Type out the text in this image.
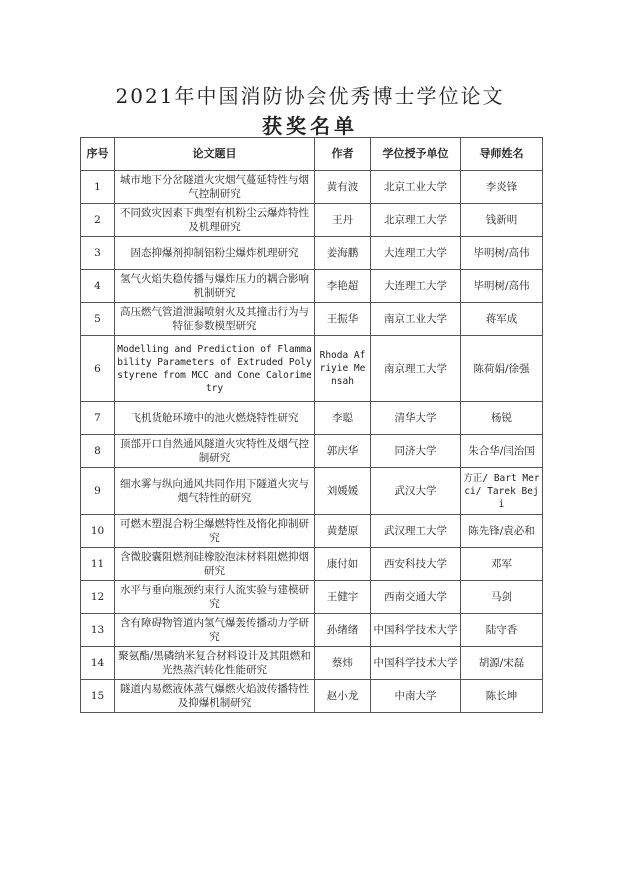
2021年中国消防协会优秀博士学位论文
获奖名单
序号	论文题目	作者	学位授予单位	导师姓名
1	城市地下分岔隧道火灾烟气蔓延特性与烟气控制研究	黄有波	北京工业大学	李炎锋
2	不同致灾因素下典型有机粉尘云爆炸特性及机理研究	王丹	北京理工大学	钱新明
3	固态抑爆剂抑制铝粉尘爆炸机理研究	姜海鹏	大连理工大学	毕明树/高伟
4	氢气火焰失稳传播与爆炸压力的耦合影响机制研究	李艳超	大连理工大学	毕明树/高伟
5	高压燃气管道泄漏喷射火及其撞击行为与特征参数模型研究	王振华	南京工业大学	蒋军成
6	Modelling and Prediction of Flammability Parameters of Extruded Polystyrene from MCC and Cone Calorimetry	Rhoda Afriyie Mensah	南京理工大学	陈荷娟/徐强
7	飞机货舱环境中的池火燃烧特性研究	李聪	清华大学	杨锐
8	顶部开口自然通风隧道火灾特性及烟气控制研究	郭庆华	同济大学	朱合华/闫治国
9	细水雾与纵向通风共同作用下隧道火灾与烟气特性的研究	刘媛媛	武汉大学	方正/ Bart Merci/ Tarek Beji
10	可燃木塑混合粉尘爆燃特性及惰化抑制研究	黄楚原	武汉理工大学	陈先锋/袁必和
11	含微胶囊阻燃剂硅橡胶泡沫材料阻燃抑烟研究	康付如	西安科技大学	邓军
12	水平与垂向瓶颈约束行人流实验与建模研究	王健宇	西南交通大学	马剑
13	含有障碍物管道内氢气爆轰传播动力学研究	孙绪绪	中国科学技术大学	陆守香
14	聚氨酯/黑磷纳米复合材料设计及其阻燃和光热蒸汽转化性能研究	蔡炜	中国科学技术大学	胡源/宋磊
15	隧道内易燃液体蒸气爆燃火焰波传播特性及抑爆机制研究	赵小龙	中南大学	陈长坤
